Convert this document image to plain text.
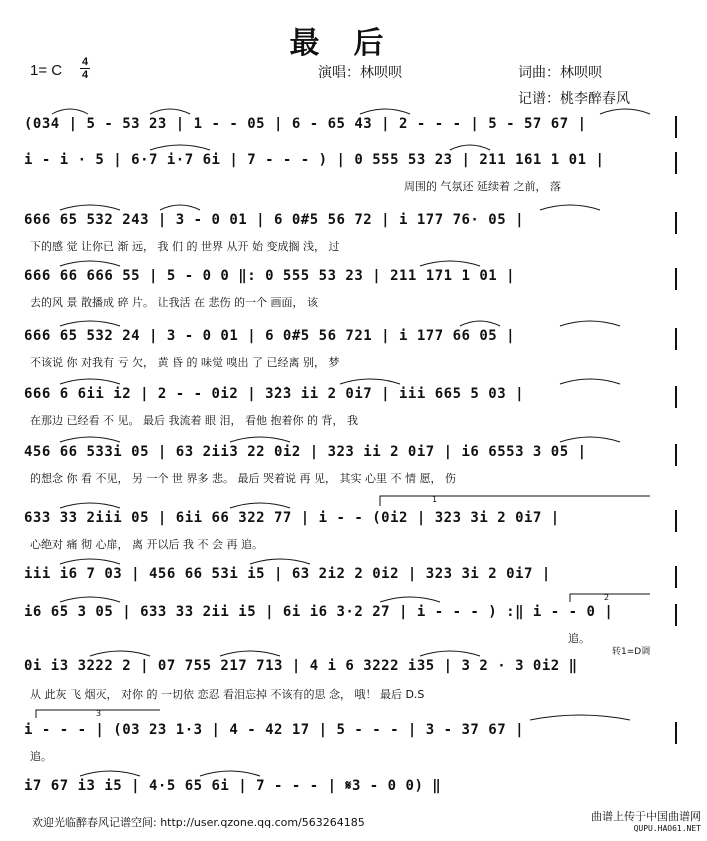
最后
1= C 4
4	演唱：林呗呗	词曲：林呗呗
记谱：桃李醉春风
(034 | 5 - 53 23 | 1 - - 05 | 6 - 65 43 | 2 - - - | 5 - 57 67 |
i - i · 5 | 6·7 i·7 6i | 7 - - - ) | 0 555 53 23 | 211 161 1 01 |
周围的 气氛还 延续着 之前， 落
666 65 532 243 | 3 - 0 01 | 6 0#5 56 72 | i 177 76· 05 |
下的感 觉 让你已 渐 远， 我 们 的 世界 从开 始 变成搁 浅， 过
666 66 666 55 | 5 - 0 0 ‖: 0 555 53 23 | 211 171 1 01 |
去的风 景 散播成 碎 片。 让我活 在 悲伤 的一个 画面， 该
666 65 532 24 | 3 - 0 01 | 6 0#5 56 721 | i 177 66 05 |
不该说 你 对我有 亏 欠， 黄 昏 的 味觉 嗅出 了 已经离 别， 梦
666 6 6ii i2 | 2 - - 0i2 | 3̇2̇3 ii 2 0i7 | iii 665 5 03 |
在那边 已经看 不 见。 最后 我流着 眼 泪， 看他 抱着你 的 背， 我
456 66 533i 05 | 63 2ii3 22 0i2 | 323 ii 2 0i7 | i6 6553 3 05 |
的想念 你 看 不见， 另 一个 世 界多 悲。 最后 哭着说 再 见， 其实 心里 不 情 愿， 伤
633 33 2iii 05 | 6ii 66 322 77 | i - - (0i2 | 323 3i 2 0i7 |
心绝对 痛 彻 心扉， 离 开以后 我 不 会 再 追。
iii i6 7 03 | 456 66 53i i5 | 63 2i2 2 0i2 | 323 3i 2 0i7 |
i6 65 3 05 | 633 33 2ii i5 | 6i i6 3·2 27 | i - - - ) :‖ i - - 0 |
追。
0i i3 3222 2 | 07 755 217 713 | 4 i 6 3222 i35 | 3 2 · 3 0i2 ‖
从 此灰 飞 烟灭， 对你 的 一切依 恋忍 看泪忘掉 不该有的思 念， 哦！ 最后 D.S
i - - - | (03 23 1·3 | 4 - 42 17 | 5 - - - | 3 - 37 67 |
追。
i7 67 i3 i5 | 4·5 65 6i | 7 - - - | 𝄋3 - 0 0) ‖
1
2
3
转1=D调
欢迎光临醉春风记谱空间: http://user.qzone.qq.com/563264185	曲谱上传于中国曲谱网
QUPU.HAO61.NET
